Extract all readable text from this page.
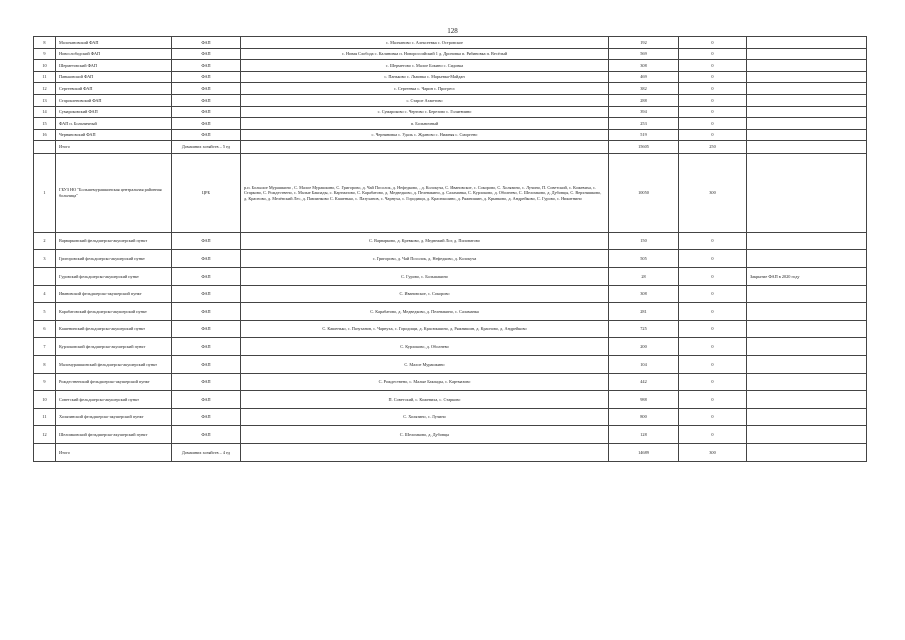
128
8	Молочановский ФАП	ФАП	с. Малчаново с. Алексеевка с. Островское	192	0	
9	Новослободский ФАП	ФАП	с. Новая Слобода с. Калиновка п. Новороссийский 1 д. Дроновка п. Рябиновка п. Весёлый	569	0	
10	Шерметовский ФАП	ФАП	с. Шерметово с. Малое Бокино с. Сидовка	308	0	
11	Паньковский ФАП	ФАП	с. Паньково с. Львовка с. Марьевка-Майдан	469	0	
12	Сергеевский ФАП	ФАП	с. Сергеевка с. Чарин с. Прогресс	382	0	
13	Старокленовский ФАП	ФАП	с. Старое Ахметово	288	0	
14	Сумароковский ФАП	ФАП	с. Сумароково с. Чертово с. Березово с. Голяевчино	394	0	
15	ФАП п. Больничный	ФАП	п. Больничный	253	0	
16	Черняновский ФАП	ФАП	с. Черняновка с. Удаль с. Жданово с. Нижняя с. Сморгено	519	0	
	Итого	Домашних хозяйств – 5 ед		15605	250	
1	ГБУЗ НО "Большемурашкинская центральная районная больница"	ЦРБ	р.п. Большое Мурашкино , С. Малое Мурашкино, С. Григорово, д. Чай Посолок, д. Нефедково, , д. Колокуча, С. Ивановское, с. Сокорово, С. Холязино, с. Лучино, П. Советский, с. Кожевиха, с. Старково, С. Рождествено, с. Малые Бакпады, с. Картмазово, С. Карабатово, д. Медведково, д. Пелевакино, д. Саламанка, С. Курлоково, д. Оболнево, С. Шеломково, д. Дубовцы, С. Верхняшково, д. Красново, д. Мелёвский Лес, д. Павлинково С. Кашенько, с. Пазуханов, с. Чарнуха, с. Городищи, д. Красюкшино, д. Ряжнишин, д. Крывково, д. Андрейково, С. Гурово, с. Никитнино	10050	300	
2	Варварковский фельдшерско-акушерский пункт	ФАП	С. Варварково, д. Кревково, д. Медвежий Лог, д. Пиловатово	150	0	
3	Григоровский фельдшерско-акушерский пункт	ФАП	с. Григорово, д. Чай Посолок, д. Нефедково, д. Колокуча	505	0	
	Гуровский фельдшерско-акушерский пункт	ФАП	С. Гурово, с. Большакино	28	0	Закрытие ФАП в 2020 году
4	Ивановский фельдшерско-акушерский пункт	ФАП	С. Ивановское, с. Сокорово	308	0	
5	Карабатовский фельдшерско-акушерский пункт	ФАП	С. Карабатово, д. Медведково, д. Пелевакино, с. Саламанка	281	0	
6	Кашенинский фельдшерско-акушерский пункт	ФАП	С. Кашенько, с. Пазуханов, с. Чарнуха, с. Городищи, д. Красюкшино, д. Ряжнишин, д. Красново, д. Андрейково	725	0	
7	Курлоковский фельдшерско-акушерский пункт	ФАП	С. Курлоково, д. Оболнево	200	0	
8	Маломурашкинский фельдшерско-акушерский пункт	ФАП	С. Малое Мурашкино	104	0	
9	Рождественский фельдшерско-акушерский пункт	ФАП	С. Рождествено, с. Малые Бакпады, с. Картмазово	442	0	
10	Советский фельдшерско-акушерский пункт	ФАП	П. Советский, с. Кожевиха, с. Старково	988	0	
11	Холязинский фельдшерско-акушерский пункт	ФАП	С. Холязино, с. Лучино	800	0	
12	Шеломковский фельдшерско-акушерский пункт	ФАП	С. Шеломково, д. Дубовцы	128	0	
	Итого	Домашних хозяйств – 4 ед		14689	300	
